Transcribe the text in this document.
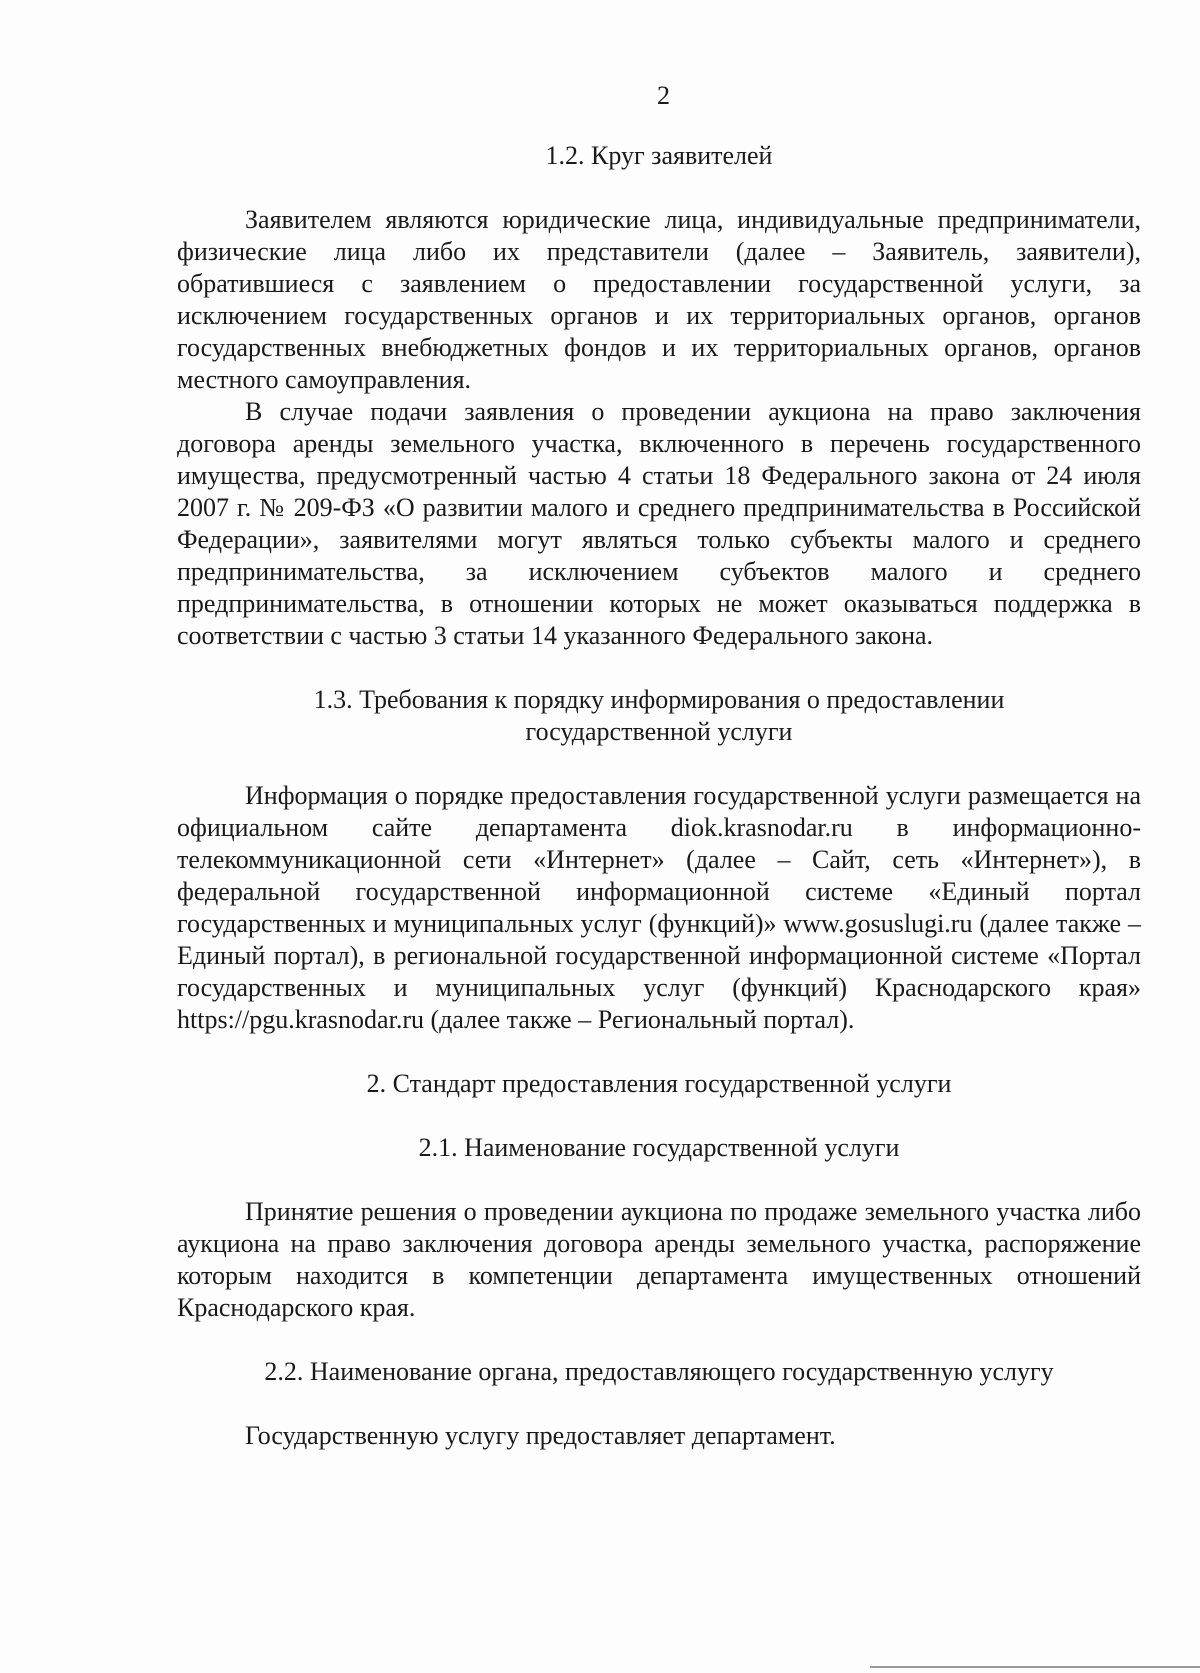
2
1.2. Круг заявителей

Заявителем являются юридические лица, индивидуальные предприниматели, физические лица либо их представители (далее – Заявитель, заявители), обратившиеся с заявлением о предоставлении государственной услуги, за исключением государственных органов и их территориальных органов, органов государственных внебюджетных фондов и их территориальных органов, органов местного самоуправления.

В случае подачи заявления о проведении аукциона на право заключения договора аренды земельного участка, включенного в перечень государственного имущества, предусмотренный частью 4 статьи 18 Федерального закона от 24 июля 2007 г. № 209-ФЗ «О развитии малого и среднего предпринимательства в Российской Федерации», заявителями могут являться только субъекты малого и среднего предпринимательства, за исключением субъектов малого и среднего предпринимательства, в отношении которых не может оказываться поддержка в соответствии с частью 3 статьи 14 указанного Федерального закона.

1.3. Требования к порядку информирования о предоставлении
государственной услуги

Информация о порядке предоставления государственной услуги размещается на официальном сайте департамента diok.krasnodar.ru в информационно-телекоммуникационной сети «Интернет» (далее – Сайт, сеть «Интернет»), в федеральной государственной информационной системе «Единый портал государственных и муниципальных услуг (функций)» www.gosuslugi.ru (далее также – Единый портал), в региональной государственной информационной системе «Портал государственных и муниципальных услуг (функций) Краснодарского края» https://pgu.krasnodar.ru (далее также – Региональный портал).

2. Стандарт предоставления государственной услуги
2.1. Наименование государственной услуги

Принятие решения о проведении аукциона по продаже земельного участка либо аукциона на право заключения договора аренды земельного участка, распоряжение которым находится в компетенции департамента имущественных отношений Краснодарского края.

2.2. Наименование органа, предоставляющего государственную услугу

Государственную услугу предоставляет департамент.
